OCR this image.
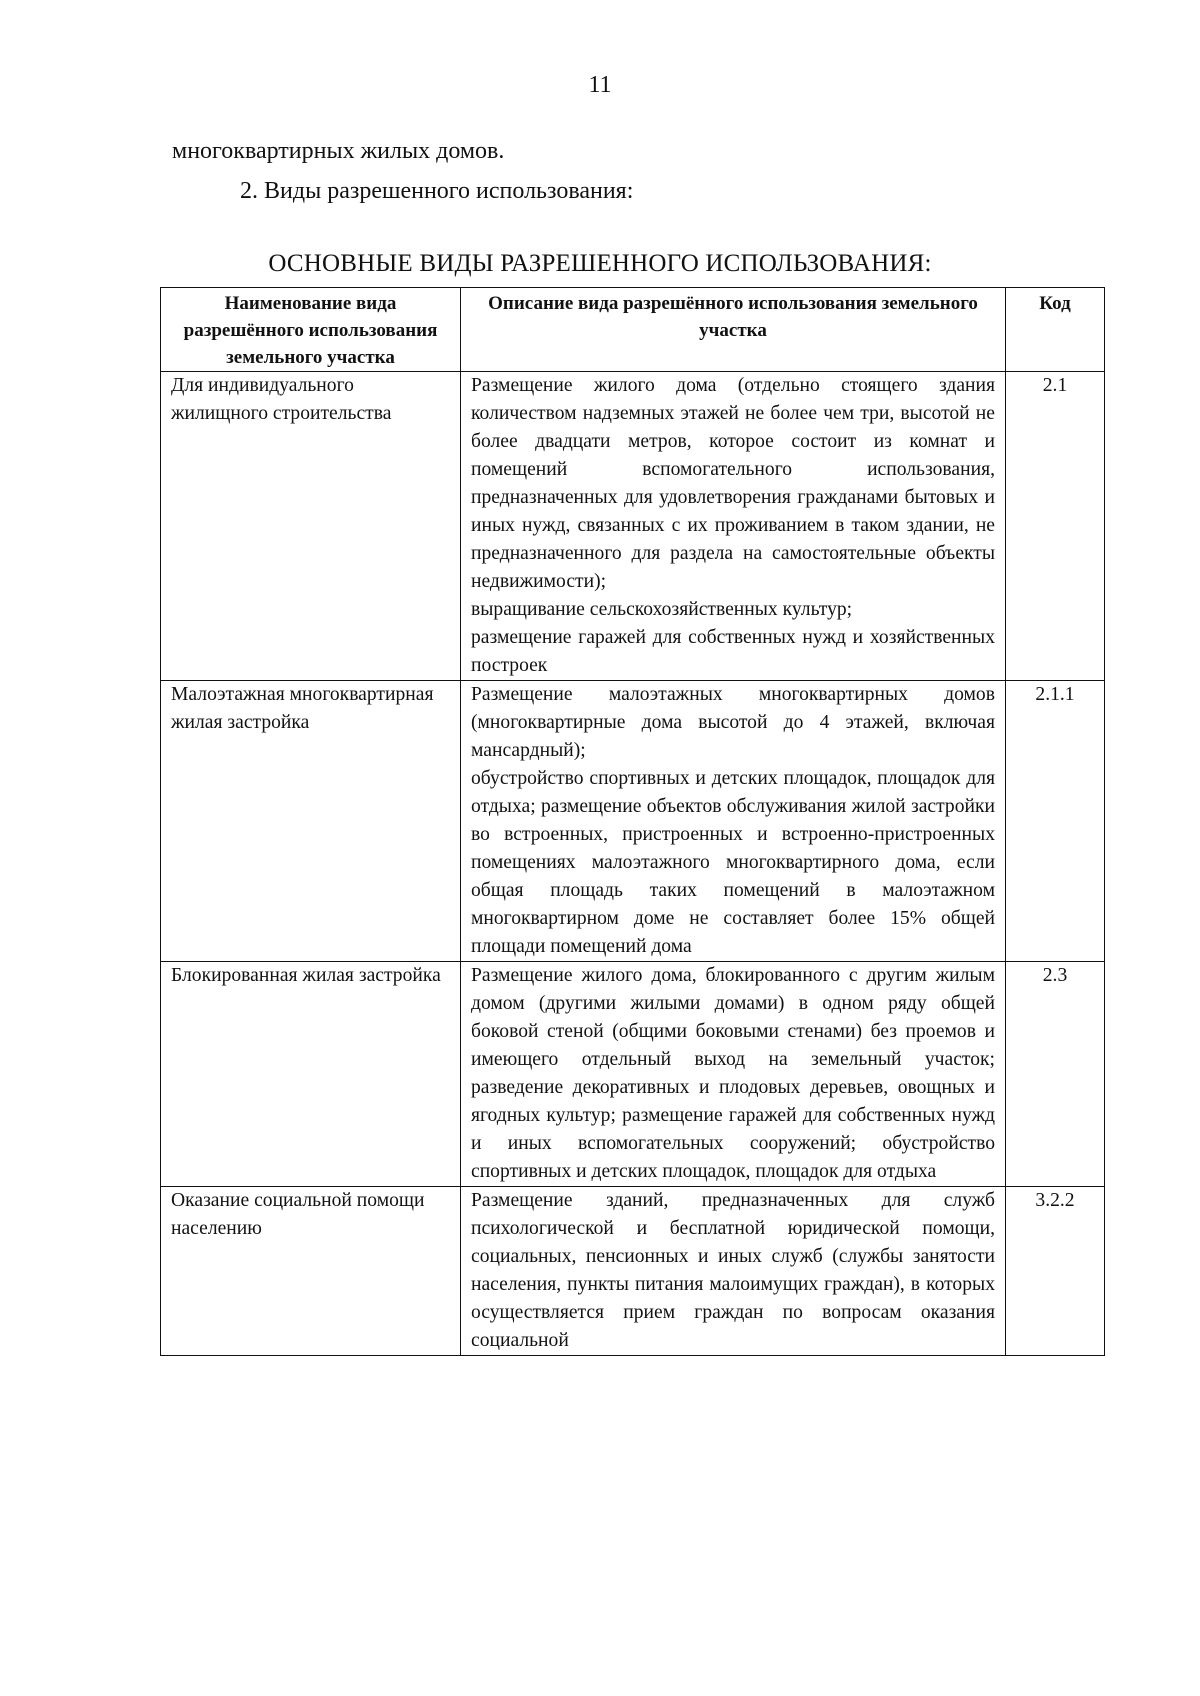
11
многоквартирных жилых домов.
2. Виды разрешенного использования:
ОСНОВНЫЕ ВИДЫ РАЗРЕШЕННОГО ИСПОЛЬЗОВАНИЯ:
Наименование вида разрешённого использования земельного участка	Описание вида разрешённого использования земельного участка	Код
Для индивидуального жилищного строительства	Размещение жилого дома (отдельно стоящего здания количеством надземных этажей не более чем три, высотой не более двадцати метров, которое состоит из комнат и помещений вспомогательного использования, предназначенных для удовлетворения гражданами бытовых и иных нужд, связанных с их проживанием в таком здании, не предназначенного для раздела на самостоятельные объекты недвижимости);
выращивание сельскохозяйственных культур;
размещение гаражей для собственных нужд и хозяйственных построек	2.1
Малоэтажная многоквартирная жилая застройка	Размещение малоэтажных многоквартирных домов (многоквартирные дома высотой до 4 этажей, включая мансардный);
обустройство спортивных и детских площадок, площадок для отдыха; размещение объектов обслуживания жилой застройки во встроенных, пристроенных и встроенно-пристроенных помещениях малоэтажного многоквартирного дома, если общая площадь таких помещений в малоэтажном многоквартирном доме не составляет более 15% общей площади помещений дома	2.1.1
Блокированная жилая застройка	Размещение жилого дома, блокированного с другим жилым домом (другими жилыми домами) в одном ряду общей боковой стеной (общими боковыми стенами) без проемов и имеющего отдельный выход на земельный участок; разведение декоративных и плодовых деревьев, овощных и ягодных культур; размещение гаражей для собственных нужд и иных вспомогательных сооружений; обустройство спортивных и детских площадок, площадок для отдыха	2.3
Оказание социальной помощи населению	Размещение зданий, предназначенных для служб психологической и бесплатной юридической помощи, социальных, пенсионных и иных служб (службы занятости населения, пункты питания малоимущих граждан), в которых осуществляется прием граждан по вопросам оказания социальной	3.2.2
